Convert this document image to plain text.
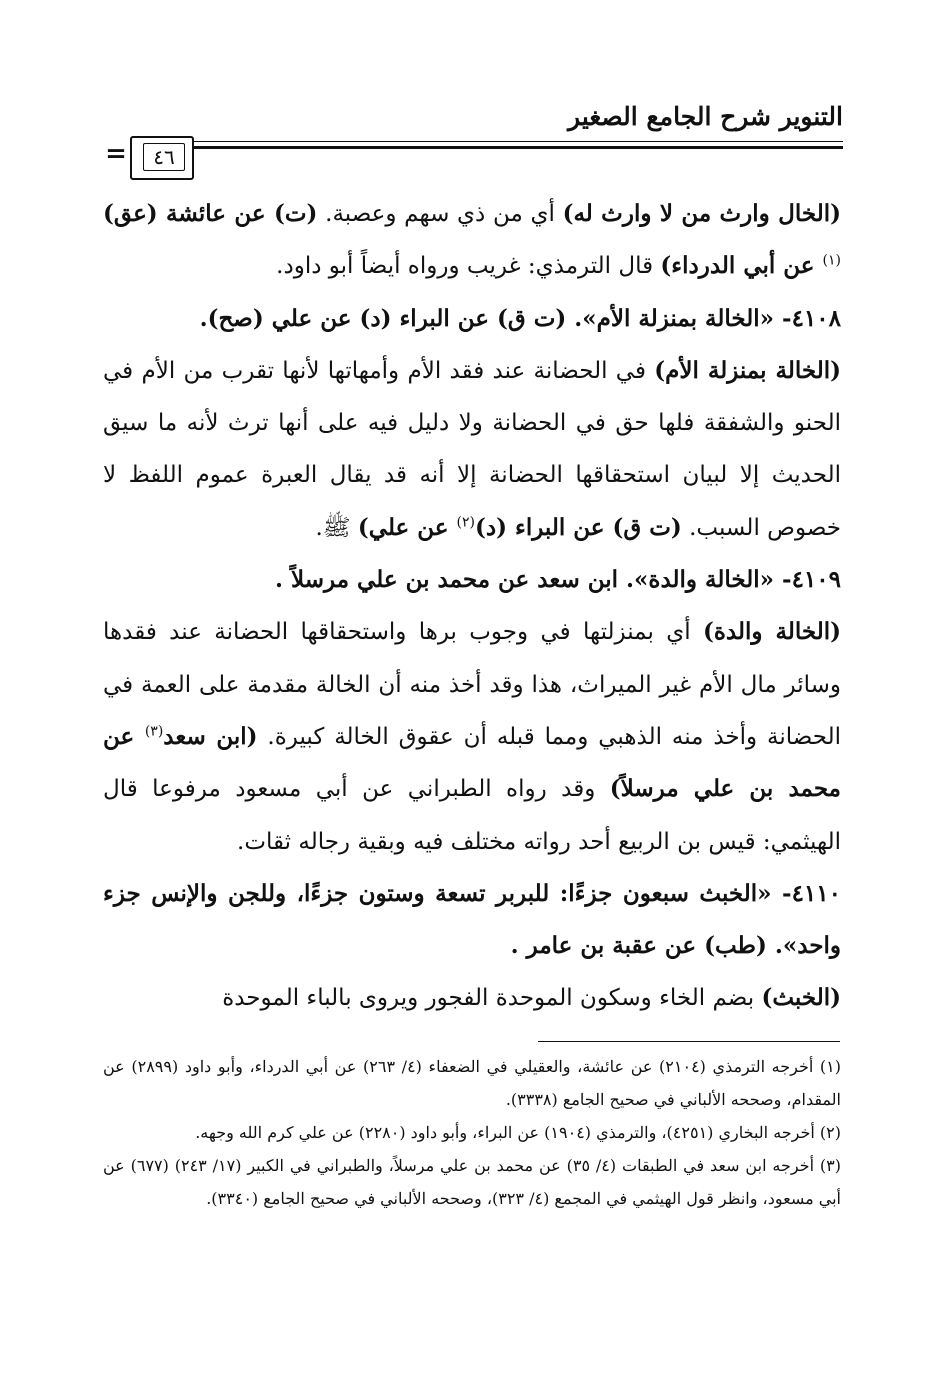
التنوير شرح الجامع الصغير
٤٦
=

(الخال وارث من لا وارث له) أي من ذي سهم وعصبة. (ت) عن عائشة (عق)$^{(١)}$ عن أبي الدرداء) قال الترمذي: غريب ورواه أيضاً أبو داود.

٤١٠٨- «الخالة بمنزلة الأم». (ت ق) عن البراء (د) عن علي (صح).

(الخالة بمنزلة الأم) في الحضانة عند فقد الأم وأمهاتها لأنها تقرب من الأم في الحنو والشفقة فلها حق في الحضانة ولا دليل فيه على أنها ترث لأنه ما سيق الحديث إلا لبيان استحقاقها الحضانة إلا أنه قد يقال العبرة عموم اللفظ لا خصوص السبب. (ت ق) عن البراء (د)$^{(٢)}$ عن علي) ﷺ.

٤١٠٩- «الخالة والدة». ابن سعد عن محمد بن علي مرسلاً .

(الخالة والدة) أي بمنزلتها في وجوب برها واستحقاقها الحضانة عند فقدها وسائر مال الأم غير الميراث، هذا وقد أخذ منه أن الخالة مقدمة على العمة في الحضانة وأخذ منه الذهبي ومما قبله أن عقوق الخالة كبيرة. (ابن سعد$^{(٣)}$ عن محمد بن علي مرسلاً) وقد رواه الطبراني عن أبي مسعود مرفوعا قال الهيثمي: قيس بن الربيع أحد رواته مختلف فيه وبقية رجاله ثقات.

٤١١٠- «الخبث سبعون جزءًا: للبربر تسعة وستون جزءًا، وللجن والإنس جزء واحد». (طب) عن عقبة بن عامر .

(الخبث) بضم الخاء وسكون الموحدة الفجور ويروى بالباء الموحدة

(١) أخرجه الترمذي (٢١٠٤) عن عائشة، والعقيلي في الضعفاء (٤/ ٢٦٣) عن أبي الدرداء، وأبو داود (٢٨٩٩) عن المقدام، وصححه الألباني في صحيح الجامع (٣٣٣٨).

(٢) أخرجه البخاري (٤٢٥١)، والترمذي (١٩٠٤) عن البراء، وأبو داود (٢٢٨٠) عن علي كرم الله وجهه.

(٣) أخرجه ابن سعد في الطبقات (٤/ ٣٥) عن محمد بن علي مرسلاً، والطبراني في الكبير (١٧/ ٢٤٣) (٦٧٧) عن أبي مسعود، وانظر قول الهيثمي في المجمع (٤/ ٣٢٣)، وصححه الألباني في صحيح الجامع (٣٣٤٠).
